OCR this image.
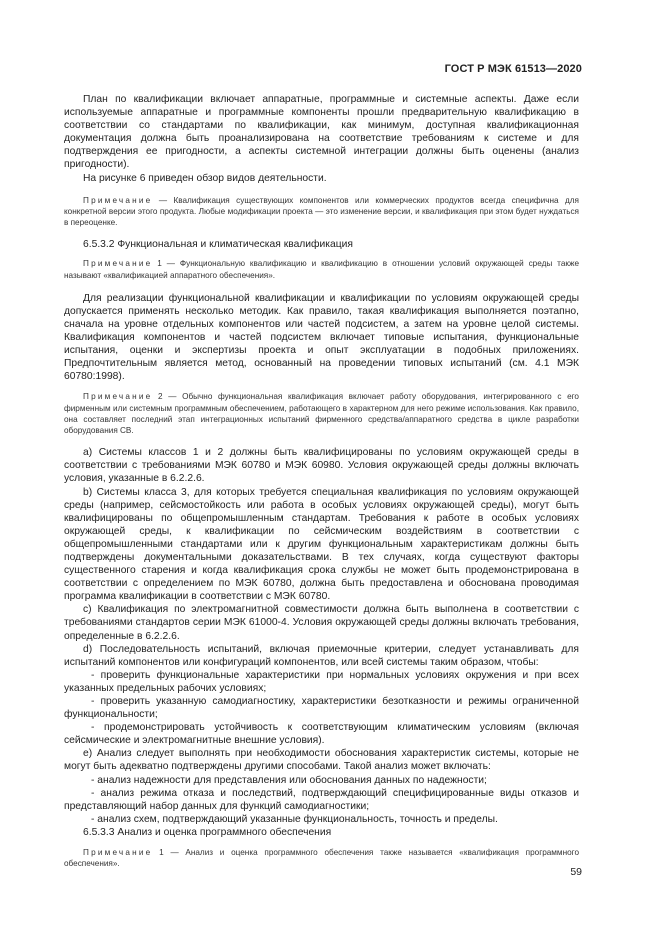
ГОСТ Р МЭК 61513—2020

План по квалификации включает аппаратные, программные и системные аспекты. Даже если используемые аппаратные и программные компоненты прошли предварительную квалификацию в соответствии со стандартами по квалификации, как минимум, доступная квалификационная документация должна быть проанализирована на соответствие требованиям к системе и для подтверждения ее пригодности, а аспекты системной интеграции должны быть оценены (анализ пригодности).

На рисунке 6 приведен обзор видов деятельности.

Примечание — Квалификация существующих компонентов или коммерческих продуктов всегда специфична для конкретной версии этого продукта. Любые модификации проекта — это изменение версии, и квалификация при этом будет нуждаться в переоценке.

6.5.3.2 Функциональная и климатическая квалификация

Примечание 1 — Функциональную квалификацию и квалификацию в отношении условий окружающей среды также называют «квалификацией аппаратного обеспечения».

Для реализации функциональной квалификации и квалификации по условиям окружающей среды допускается применять несколько методик. Как правило, такая квалификация выполняется поэтапно, сначала на уровне отдельных компонентов или частей подсистем, а затем на уровне целой системы. Квалификация компонентов и частей подсистем включает типовые испытания, функциональные испытания, оценки и экспертизы проекта и опыт эксплуатации в подобных приложениях. Предпочтительным является метод, основанный на проведении типовых испытаний (см. 4.1 МЭК 60780:1998).

Примечание 2 — Обычно функциональная квалификация включает работу оборудования, интегрированного с его фирменным или системным программным обеспечением, работающего в характерном для него режиме использования. Как правило, она составляет последний этап интеграционных испытаний фирменного средства/аппаратного средства в цикле разработки оборудования СВ.

a) Системы классов 1 и 2 должны быть квалифицированы по условиям окружающей среды в соответствии с требованиями МЭК 60780 и МЭК 60980. Условия окружающей среды должны включать условия, указанные в 6.2.2.6.

b) Системы класса 3, для которых требуется специальная квалификация по условиям окружающей среды (например, сейсмостойкость или работа в особых условиях окружающей среды), могут быть квалифицированы по общепромышленным стандартам. Требования к работе в особых условиях окружающей среды, к квалификации по сейсмическим воздействиям в соответствии с общепромышленными стандартами или к другим функциональным характеристикам должны быть подтверждены документальными доказательствами. В тех случаях, когда существуют факторы существенного старения и когда квалификация срока службы не может быть продемонстрирована в соответствии с определением по МЭК 60780, должна быть предоставлена и обоснована проводимая программа квалификации в соответствии с МЭК 60780.

c) Квалификация по электромагнитной совместимости должна быть выполнена в соответствии с требованиями стандартов серии МЭК 61000-4. Условия окружающей среды должны включать требования, определенные в 6.2.2.6.

d) Последовательность испытаний, включая приемочные критерии, следует устанавливать для испытаний компонентов или конфигураций компонентов, или всей системы таким образом, чтобы:

- проверить функциональные характеристики при нормальных условиях окружения и при всех указанных предельных рабочих условиях;

- проверить указанную самодиагностику, характеристики безотказности и режимы ограниченной функциональности;

- продемонстрировать устойчивость к соответствующим климатическим условиям (включая сейсмические и электромагнитные внешние условия).

e) Анализ следует выполнять при необходимости обоснования характеристик системы, которые не могут быть адекватно подтверждены другими способами. Такой анализ может включать:

- анализ надежности для представления или обоснования данных по надежности;

- анализ режима отказа и последствий, подтверждающий специфицированные виды отказов и представляющий набор данных для функций самодиагностики;

- анализ схем, подтверждающий указанные функциональность, точность и пределы.

6.5.3.3 Анализ и оценка программного обеспечения

Примечание 1 — Анализ и оценка программного обеспечения также называется «квалификация программного обеспечения».

59
